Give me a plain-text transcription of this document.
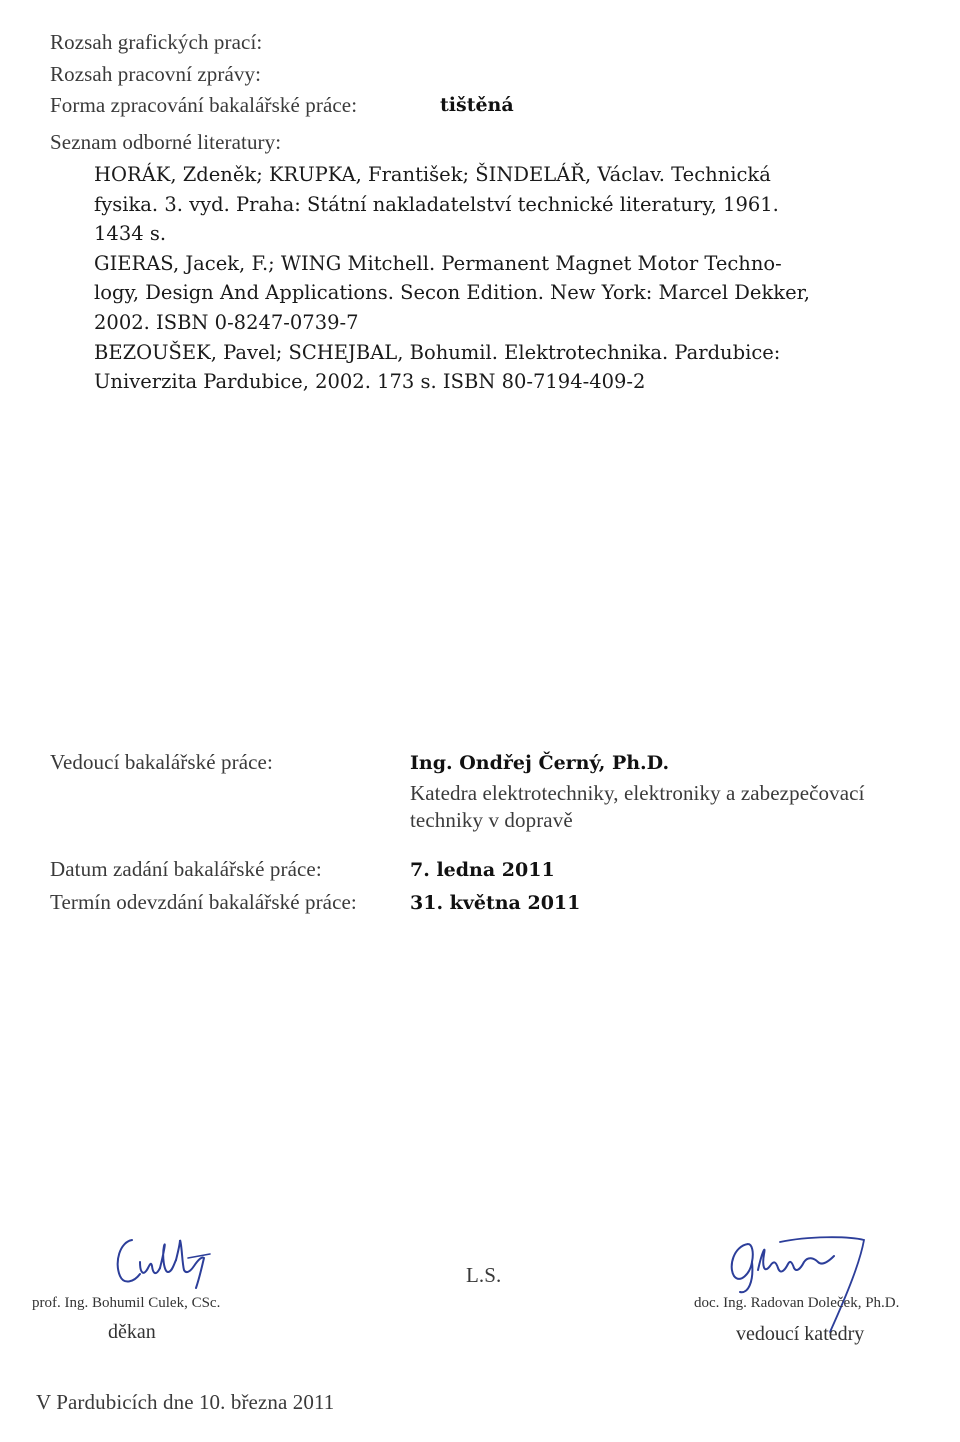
Rozsah grafických prací:
Rozsah pracovní zprávy:
Forma zpracování bakalářské práce:	tištěná
Seznam odborné literatury:
HORÁK, Zdeněk; KRUPKA, František; ŠINDELÁŘ, Václav. Technická
fysika. 3. vyd. Praha: Státní nakladatelství technické literatury, 1961.
1434 s.
GIERAS, Jacek, F.; WING Mitchell. Permanent Magnet Motor Techno-
logy, Design And Applications. Secon Edition. New York: Marcel Dekker,
2002. ISBN 0-8247-0739-7
BEZOUŠEK, Pavel; SCHEJBAL, Bohumil. Elektrotechnika. Pardubice:
Univerzita Pardubice, 2002. 173 s. ISBN 80-7194-409-2
Vedoucí bakalářské práce:	Ing. Ondřej Černý, Ph.D.
Katedra elektrotechniky, elektroniky a zabezpečovací
techniky v dopravě
Datum zadání bakalářské práce:	7. ledna 2011
Termín odevzdání bakalářské práce:	31. května 2011
prof. Ing. Bohumil Culek, CSc.
děkan
L.S.
doc. Ing. Radovan Doleček, Ph.D.
vedoucí katedry
V Pardubicích dne 10. března 2011
